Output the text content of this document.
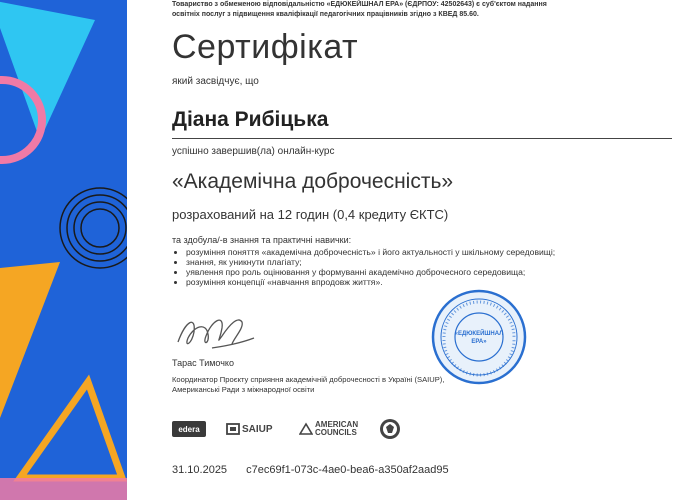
Товариство з обмеженою відповідальністю «ЕДЮКЕЙШНАЛ ЕРА» (ЄДРПОУ: 42502643) є суб'єктом надання освітніх послуг з підвищення кваліфікації педагогічних працівників згідно з КВЕД 85.60.
Сертифікат
який засвідчує, що
Діана Рибіцька
успішно завершив(ла) онлайн-курс
«Академічна доброчесність»
розрахований на 12 годин (0,4 кредиту ЄКТС)
та здобула/-в знання та практичні навички:
• розуміння поняття «академічна доброчесність» і його актуальності у шкільному середовищі;
• знання, як уникнути плагіату;
• уявлення про роль оцінювання у формуванні академічно доброчесного середовища;
• розуміння концепції «навчання впродовж життя».
Тарас Тимочко
Координатор Проєкту сприяння академічній доброчесності в Україні (SAIUP), Американські Ради з міжнародної освіти
«ЕДЮКЕЙШНАЛ
ЕРА»
edera	SAIUP	AMERICAN
COUNCILS
31.10.2025 c7ec69f1-073c-4ae0-bea6-a350af2aad95
